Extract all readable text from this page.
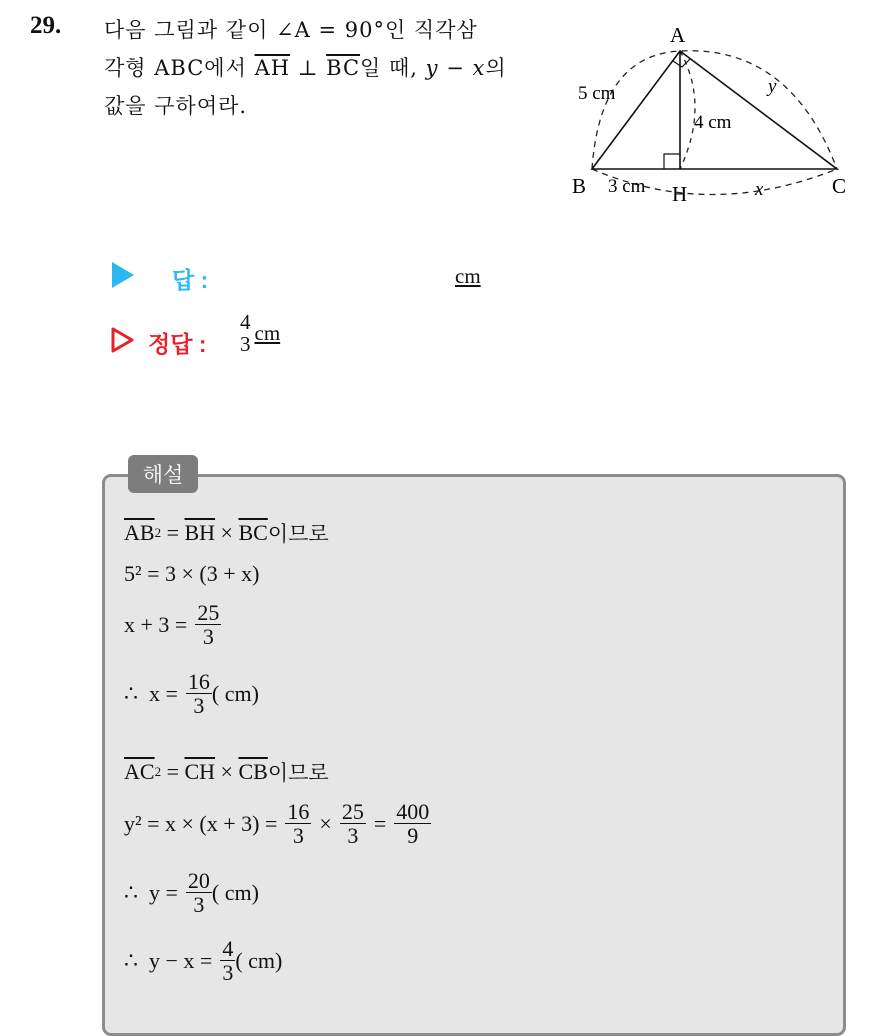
29. 다음 그림과 같이 ∠A = 90°인 직각삼
각형 ABC에서 $\overline{AH}$ ⊥ $\overline{BC}$일 때, y − x의
값을 구하여라.
A
B	C
H
5 cm
4 cm
3 cm
y
x
답 :	cm
정답 :
4
3 cm
해설
$\overline{AB}$ $2 = \overline{BH} \times \overline{BC}$ 이므로
5² = 3 × (3 + x)
$x + 3 = \frac{25}{3}$
∴  $x = \frac{16}{3}$ ( cm)
$\overline{AC}$ $2 = \overline{CH} \times \overline{CB}$ 이므로
$y^2 = x \times (x + 3) = \frac{16}{3} \times \frac{25}{3} = \frac{400}{9}$
∴  $y = \frac{20}{3}$ ( cm)
∴  $y - x = \frac{4}{3}$ ( cm)
